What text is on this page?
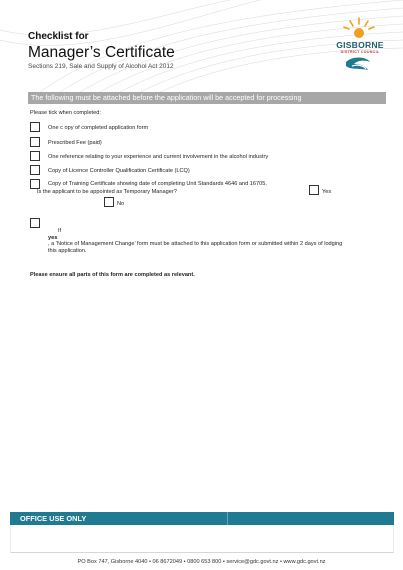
Checklist for
Manager’s Certificate
Sections 219, Sale and Supply of Alcohol Act 2012
GISBORNE
DISTRICT COUNCIL
The following must be attached before the application will be accepted for processing
Please tick when completed:
One c opy of completed application form
Prescribed Fee (paid)
One reference relating to your experience and current involvement in the alcohol industry
Copy of Licence Controller Qualification Certificate (LCQ)
Copy of Training Certificate showing date of completing Unit Standards 4646 and 16705.
Is the applicant to be appointed as Temporary Manager?	Yes
No
If
yes
, a ‘Notice of Management Change’ form must be attached to this application form or submitted within 2 days of lodging
this application.
Please ensure all parts of this form are completed as relevant.
OFFICE USE ONLY
PO Box 747, Gisborne 4040 • 06 8672049 • 0800 653 800 • service@gdc.govt.nz • www.gdc.govt.nz
